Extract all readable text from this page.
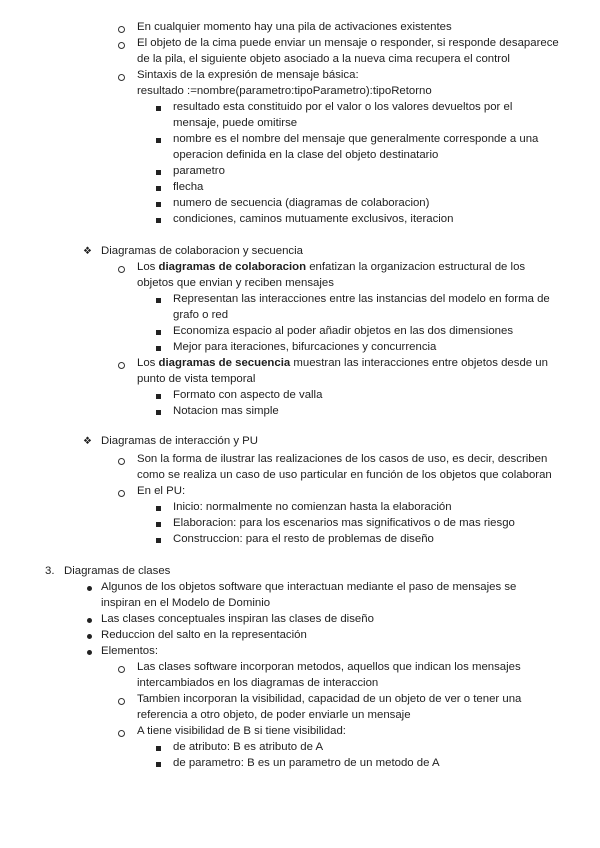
En cualquier momento hay una pila de activaciones existentes
El objeto de la cima puede enviar un mensaje o responder, si responde desaparece
de la pila, el siguiente objeto asociado a la nueva cima recupera el control
Sintaxis de la expresión de mensaje básica:
resultado :=nombre(parametro:tipoParametro):tipoRetorno
resultado esta constituido por el valor o los valores devueltos por el
mensaje, puede omitirse
nombre es el nombre del mensaje que generalmente corresponde a una
operacion definida en la clase del objeto destinatario
parametro
flecha
numero de secuencia (diagramas de colaboracion)
condiciones, caminos mutuamente exclusivos, iteracion
❖ Diagramas de colaboracion y secuencia
Los diagramas de colaboracion enfatizan la organizacion estructural de los
objetos que envian y reciben mensajes
Representan las interacciones entre las instancias del modelo en forma de
grafo o red
Economiza espacio al poder añadir objetos en las dos dimensiones
Mejor para iteraciones, bifurcaciones y concurrencia
Los diagramas de secuencia muestran las interacciones entre objetos desde un
punto de vista temporal
Formato con aspecto de valla
Notacion mas simple
❖ Diagramas de interacción y PU
Son la forma de ilustrar las realizaciones de los casos de uso, es decir, describen
como se realiza un caso de uso particular en función de los objetos que colaboran
En el PU:
Inicio: normalmente no comienzan hasta la elaboración
Elaboracion: para los escenarios mas significativos o de mas riesgo
Construccion: para el resto de problemas de diseño
3. Diagramas de clases
Algunos de los objetos software que interactuan mediante el paso de mensajes se
inspiran en el Modelo de Dominio
Las clases conceptuales inspiran las clases de diseño
Reduccion del salto en la representación
Elementos:
Las clases software incorporan metodos, aquellos que indican los mensajes
intercambiados en los diagramas de interaccion
Tambien incorporan la visibilidad, capacidad de un objeto de ver o tener una
referencia a otro objeto, de poder enviarle un mensaje
A tiene visibilidad de B si tiene visibilidad:
de atributo: B es atributo de A
de parametro: B es un parametro de un metodo de A
